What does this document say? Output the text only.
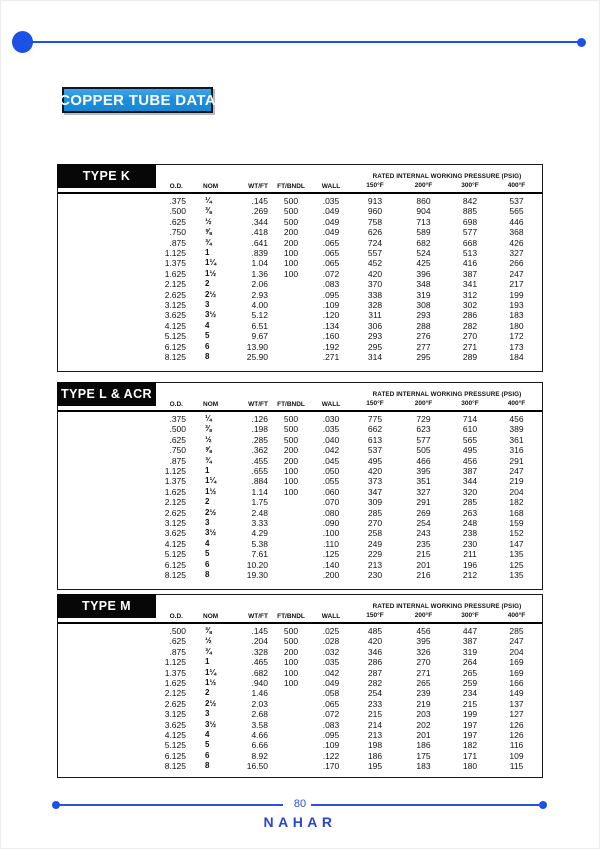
COPPER TUBE DATA
TYPE K
O.D.	NOM	WT/FT	FT/BNDL	WALL	RATED INTERNAL WORKING PRESSURE (PSIG)			
					150°F	200°F	300°F	400°F
.375	¼	.145	500	.035	913	860	842	537
.500	⅜	.269	500	.049	960	904	885	565
.625	½	.344	500	.049	758	713	698	446
.750	⅝	.418	200	.049	626	589	577	368
.875	¾	.641	200	.065	724	682	668	426
1.125	1	.839	100	.065	557	524	513	327
1.375	1¼	1.04	100	.065	452	425	416	266
1.625	1½	1.36	100	.072	420	396	387	247
2.125	2	2.06		.083	370	348	341	217
2.625	2½	2.93		.095	338	319	312	199
3.125	3	4.00		.109	328	308	302	193
3.625	3½	5.12		.120	311	293	286	183
4.125	4	6.51		.134	306	288	282	180
5.125	5	9.67		.160	293	276	270	172
6.125	6	13.90		.192	295	277	271	173
8.125	8	25.90		.271	314	295	289	184
TYPE L & ACR
O.D.	NOM	WT/FT	FT/BNDL	WALL	RATED INTERNAL WORKING PRESSURE (PSIG)			
					150°F	200°F	300°F	400°F
.375	¼	.126	500	.030	775	729	714	456
.500	⅜	.198	500	.035	662	623	610	389
.625	½	.285	500	.040	613	577	565	361
.750	⅝	.362	200	.042	537	505	495	316
.875	¾	.455	200	.045	495	466	456	291
1.125	1	.655	100	.050	420	395	387	247
1.375	1¼	.884	100	.055	373	351	344	219
1.625	1½	1.14	100	.060	347	327	320	204
2.125	2	1.75		.070	309	291	285	182
2.625	2½	2.48		.080	285	269	263	168
3.125	3	3.33		.090	270	254	248	159
3.625	3½	4.29		.100	258	243	238	152
4.125	4	5.38		.110	249	235	230	147
5.125	5	7.61		.125	229	215	211	135
6.125	6	10.20		.140	213	201	196	125
8.125	8	19.30		.200	230	216	212	135
TYPE M
O.D.	NOM	WT/FT	FT/BNDL	WALL	RATED INTERNAL WORKING PRESSURE (PSIG)			
					150°F	200°F	300°F	400°F
.500	⅜	.145	500	.025	485	456	447	285
.625	½	.204	500	.028	420	395	387	247
.875	¾	.328	200	.032	346	326	319	204
1.125	1	.465	100	.035	286	270	264	169
1.375	1¼	.682	100	.042	287	271	265	169
1.625	1½	.940	100	.049	282	265	259	166
2.125	2	1.46		.058	254	239	234	149
2.625	2½	2.03		.065	233	219	215	137
3.125	3	2.68		.072	215	203	199	127
3.625	3½	3.58		.083	214	202	197	126
4.125	4	4.66		.095	213	201	197	126
5.125	5	6.66		.109	198	186	182	116
6.125	6	8.92		.122	186	175	171	109
8.125	8	16.50		.170	195	183	180	115
80
NAHAR
